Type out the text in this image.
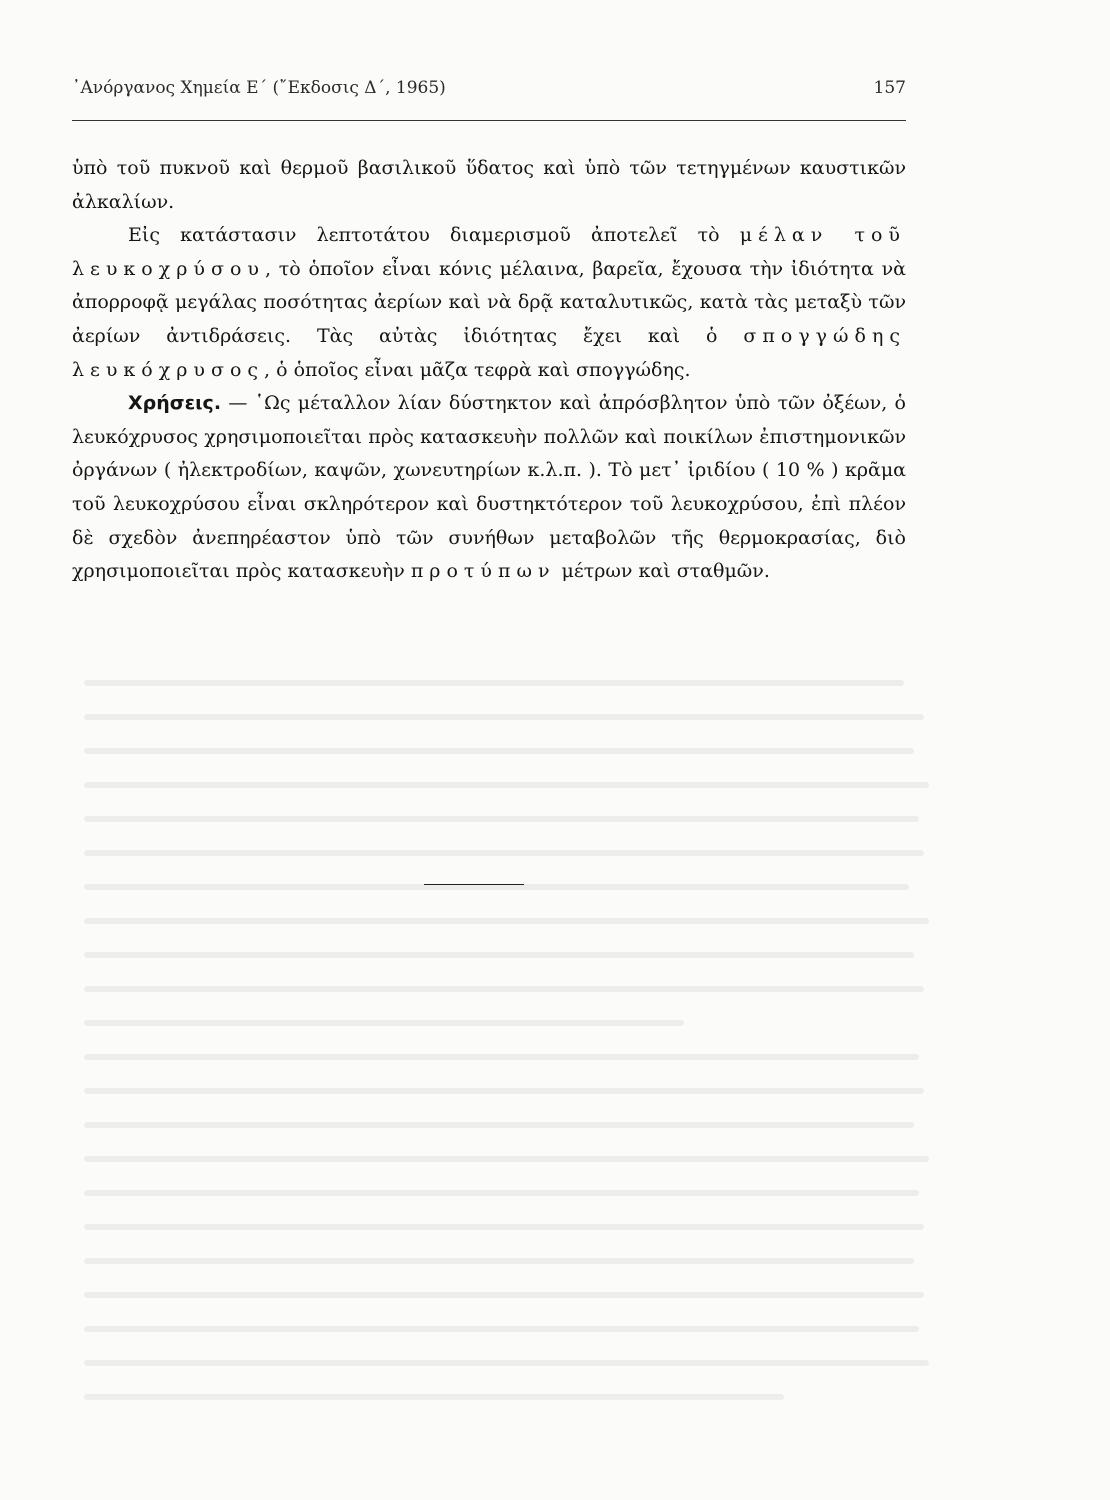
᾿Ανόργανος Χημεία Ε΄ (῎Εκδοσις Δ΄, 1965)	157

ὑπὸ τοῦ πυκνοῦ καὶ θερμοῦ βασιλικοῦ ὕδατος καὶ ὑπὸ τῶν τετηγμένων καυστικῶν ἀλκαλίων.

Εἰς κατάστασιν λεπτοτάτου διαμερισμοῦ ἀποτελεῖ τὸ μέλαν τοῦ λευκοχρύσου, τὸ ὁποῖον εἶναι κόνις μέλαινα, βαρεῖα, ἔχουσα τὴν ἰδιότητα νὰ ἀπορροφᾷ μεγάλας ποσότητας ἀερίων καὶ νὰ δρᾷ καταλυτικῶς, κατὰ τὰς μεταξὺ τῶν ἀερίων ἀντιδράσεις. Τὰς αὐτὰς ἰδιότητας ἔχει καὶ ὁ σπογγώδης λευκόχρυσος, ὁ ὁποῖος εἶναι μᾶζα τεφρὰ καὶ σπογγώδης.

Χρήσεις. — ῾Ως μέταλλον λίαν δύστηκτον καὶ ἀπρόσβλητον ὑπὸ τῶν ὀξέων, ὁ λευκόχρυσος χρησιμοποιεῖται πρὸς κατασκευὴν πολλῶν καὶ ποικίλων ἐπιστημονικῶν ὀργάνων ( ἠλεκτροδίων, καψῶν, χωνευτηρίων κ.λ.π. ). Τὸ μετ᾿ ἰριδίου ( 10 % ) κρᾶμα τοῦ λευκοχρύσου εἶναι σκληρότερον καὶ δυστηκτότερον τοῦ λευκοχρύσου, ἐπὶ πλέον δὲ σχεδὸν ἀνεπηρέαστον ὑπὸ τῶν συνήθων μεταβολῶν τῆς θερμοκρασίας, διὸ χρησιμοποιεῖται πρὸς κατασκευὴν προτύπων μέτρων καὶ σταθμῶν.
